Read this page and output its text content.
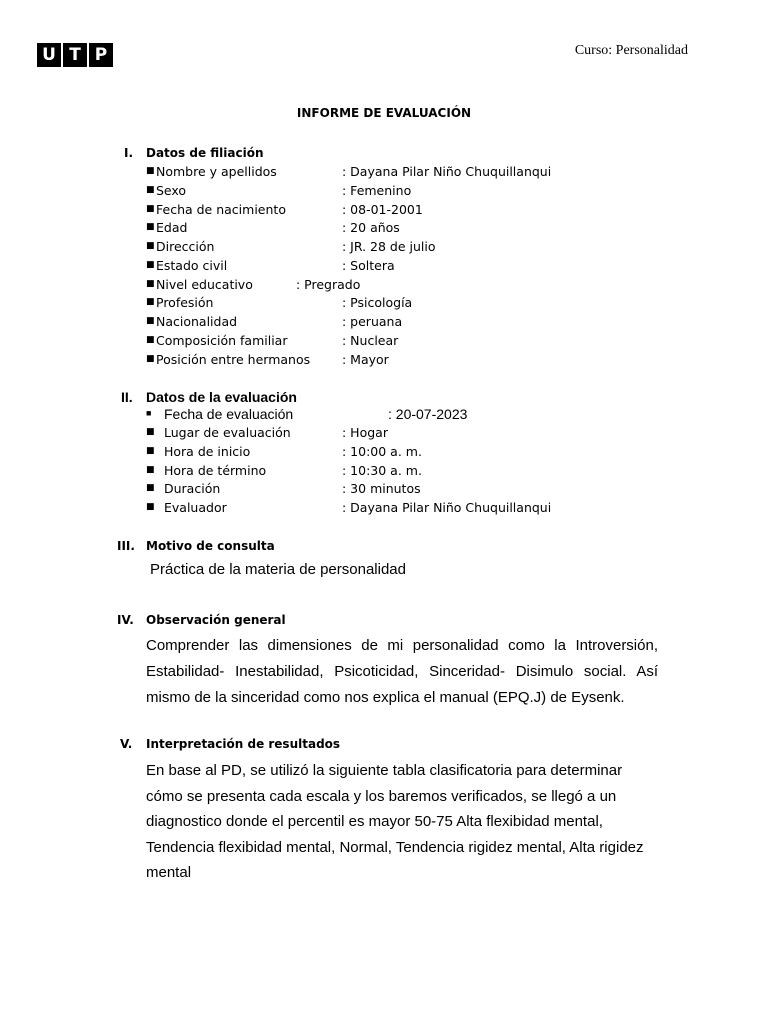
U T P	Curso: Personalidad
INFORME DE EVALUACIÓN
I. Datos de filiación
■ Nombre y apellidos	: Dayana Pilar Niño Chuquillanqui
■ Sexo	: Femenino
■ Fecha de nacimiento	: 08-01-2001
■ Edad	: 20 años
■ Dirección	: JR. 28 de julio
■ Estado civil	: Soltera
■ Nivel educativo	: Pregrado
■ Profesión	: Psicología
■ Nacionalidad	: peruana
■ Composición familiar	: Nuclear
■ Posición entre hermanos	: Mayor
II. Datos de la evaluación
■ Fecha de evaluación	: 20-07-2023
■ Lugar de evaluación	: Hogar
■ Hora de inicio	: 10:00 a. m.
■ Hora de término	: 10:30 a. m.
■ Duración	: 30 minutos
■ Evaluador	: Dayana Pilar Niño Chuquillanqui
III. Motivo de consulta
Práctica de la materia de personalidad
IV. Observación general
Comprender las dimensiones de mi personalidad como la Introversión, Estabilidad- Inestabilidad, Psicoticidad, Sinceridad- Disimulo social. Así mismo de la sinceridad como nos explica el manual (EPQ.J) de Eysenk.
V. Interpretación de resultados
En base al PD, se utilizó la siguiente tabla clasificatoria para determinar cómo se presenta cada escala y los baremos verificados, se llegó a un diagnostico donde el percentil es mayor 50-75 Alta flexibidad mental, Tendencia flexibidad mental, Normal, Tendencia rigidez mental, Alta rigidez mental
